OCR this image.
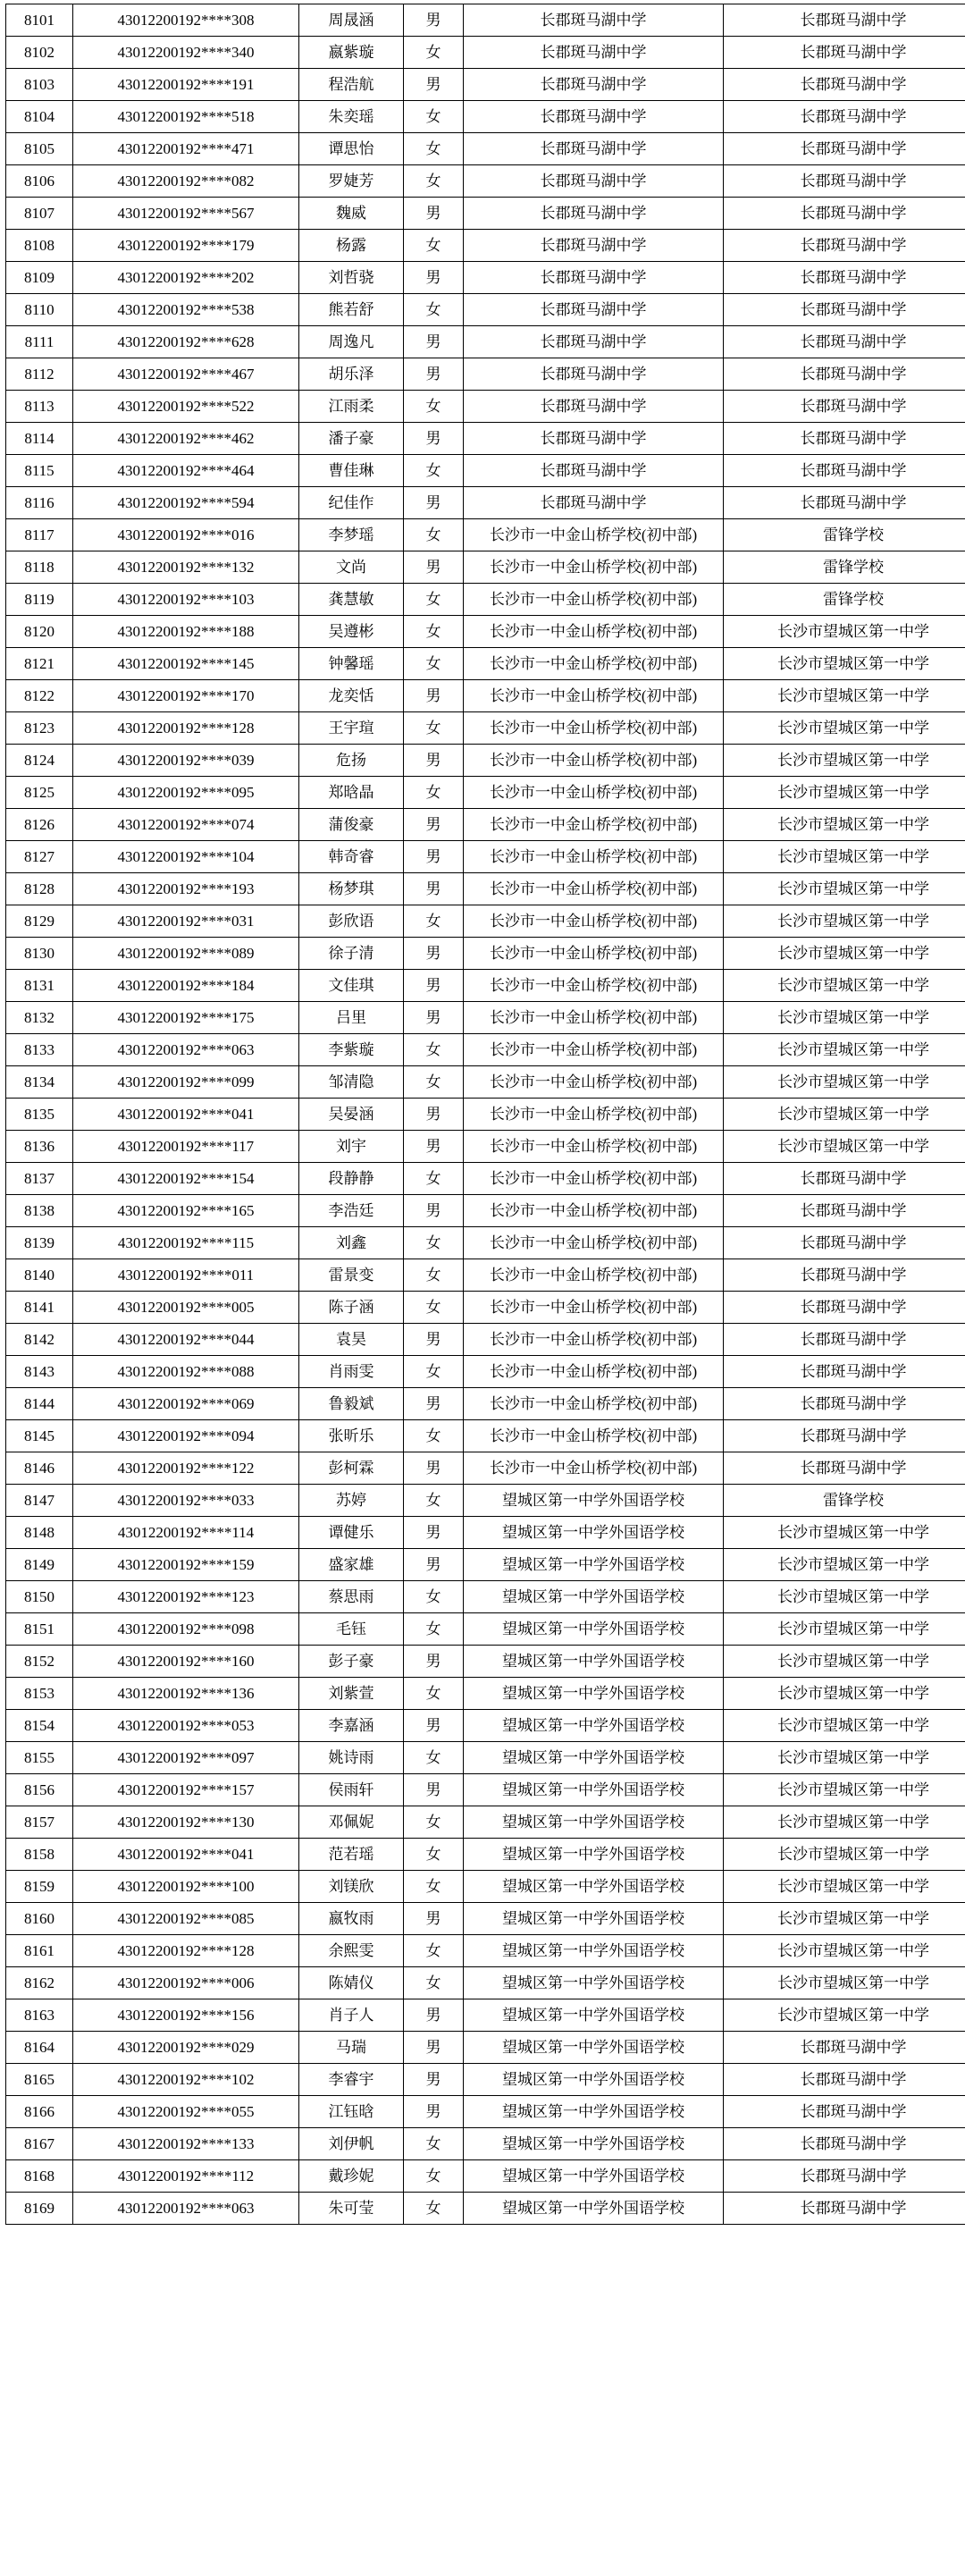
8101	43012200192****308	周晟涵	男	长郡斑马湖中学	长郡斑马湖中学
8102	43012200192****340	嬴紫璇	女	长郡斑马湖中学	长郡斑马湖中学
8103	43012200192****191	程浩航	男	长郡斑马湖中学	长郡斑马湖中学
8104	43012200192****518	朱奕瑶	女	长郡斑马湖中学	长郡斑马湖中学
8105	43012200192****471	谭思怡	女	长郡斑马湖中学	长郡斑马湖中学
8106	43012200192****082	罗婕芳	女	长郡斑马湖中学	长郡斑马湖中学
8107	43012200192****567	魏威	男	长郡斑马湖中学	长郡斑马湖中学
8108	43012200192****179	杨露	女	长郡斑马湖中学	长郡斑马湖中学
8109	43012200192****202	刘哲骁	男	长郡斑马湖中学	长郡斑马湖中学
8110	43012200192****538	熊若舒	女	长郡斑马湖中学	长郡斑马湖中学
8111	43012200192****628	周逸凡	男	长郡斑马湖中学	长郡斑马湖中学
8112	43012200192****467	胡乐泽	男	长郡斑马湖中学	长郡斑马湖中学
8113	43012200192****522	江雨柔	女	长郡斑马湖中学	长郡斑马湖中学
8114	43012200192****462	潘子豪	男	长郡斑马湖中学	长郡斑马湖中学
8115	43012200192****464	曹佳琳	女	长郡斑马湖中学	长郡斑马湖中学
8116	43012200192****594	纪佳作	男	长郡斑马湖中学	长郡斑马湖中学
8117	43012200192****016	李梦瑶	女	长沙市一中金山桥学校(初中部)	雷锋学校
8118	43012200192****132	文尚	男	长沙市一中金山桥学校(初中部)	雷锋学校
8119	43012200192****103	龚慧敏	女	长沙市一中金山桥学校(初中部)	雷锋学校
8120	43012200192****188	吴遵彬	女	长沙市一中金山桥学校(初中部)	长沙市望城区第一中学
8121	43012200192****145	钟馨瑶	女	长沙市一中金山桥学校(初中部)	长沙市望城区第一中学
8122	43012200192****170	龙奕恬	男	长沙市一中金山桥学校(初中部)	长沙市望城区第一中学
8123	43012200192****128	王宇瑄	女	长沙市一中金山桥学校(初中部)	长沙市望城区第一中学
8124	43012200192****039	危扬	男	长沙市一中金山桥学校(初中部)	长沙市望城区第一中学
8125	43012200192****095	郑晗晶	女	长沙市一中金山桥学校(初中部)	长沙市望城区第一中学
8126	43012200192****074	蒲俊豪	男	长沙市一中金山桥学校(初中部)	长沙市望城区第一中学
8127	43012200192****104	韩奇睿	男	长沙市一中金山桥学校(初中部)	长沙市望城区第一中学
8128	43012200192****193	杨梦琪	男	长沙市一中金山桥学校(初中部)	长沙市望城区第一中学
8129	43012200192****031	彭欣语	女	长沙市一中金山桥学校(初中部)	长沙市望城区第一中学
8130	43012200192****089	徐子清	男	长沙市一中金山桥学校(初中部)	长沙市望城区第一中学
8131	43012200192****184	文佳琪	男	长沙市一中金山桥学校(初中部)	长沙市望城区第一中学
8132	43012200192****175	吕里	男	长沙市一中金山桥学校(初中部)	长沙市望城区第一中学
8133	43012200192****063	李紫璇	女	长沙市一中金山桥学校(初中部)	长沙市望城区第一中学
8134	43012200192****099	邹清隐	女	长沙市一中金山桥学校(初中部)	长沙市望城区第一中学
8135	43012200192****041	吴晏涵	男	长沙市一中金山桥学校(初中部)	长沙市望城区第一中学
8136	43012200192****117	刘宇	男	长沙市一中金山桥学校(初中部)	长沙市望城区第一中学
8137	43012200192****154	段静静	女	长沙市一中金山桥学校(初中部)	长郡斑马湖中学
8138	43012200192****165	李浩廷	男	长沙市一中金山桥学校(初中部)	长郡斑马湖中学
8139	43012200192****115	刘鑫	女	长沙市一中金山桥学校(初中部)	长郡斑马湖中学
8140	43012200192****011	雷景变	女	长沙市一中金山桥学校(初中部)	长郡斑马湖中学
8141	43012200192****005	陈子涵	女	长沙市一中金山桥学校(初中部)	长郡斑马湖中学
8142	43012200192****044	袁昊	男	长沙市一中金山桥学校(初中部)	长郡斑马湖中学
8143	43012200192****088	肖雨雯	女	长沙市一中金山桥学校(初中部)	长郡斑马湖中学
8144	43012200192****069	鲁毅斌	男	长沙市一中金山桥学校(初中部)	长郡斑马湖中学
8145	43012200192****094	张昕乐	女	长沙市一中金山桥学校(初中部)	长郡斑马湖中学
8146	43012200192****122	彭柯霖	男	长沙市一中金山桥学校(初中部)	长郡斑马湖中学
8147	43012200192****033	苏婷	女	望城区第一中学外国语学校	雷锋学校
8148	43012200192****114	谭健乐	男	望城区第一中学外国语学校	长沙市望城区第一中学
8149	43012200192****159	盛家雄	男	望城区第一中学外国语学校	长沙市望城区第一中学
8150	43012200192****123	蔡思雨	女	望城区第一中学外国语学校	长沙市望城区第一中学
8151	43012200192****098	毛钰	女	望城区第一中学外国语学校	长沙市望城区第一中学
8152	43012200192****160	彭子豪	男	望城区第一中学外国语学校	长沙市望城区第一中学
8153	43012200192****136	刘紫萱	女	望城区第一中学外国语学校	长沙市望城区第一中学
8154	43012200192****053	李嘉涵	男	望城区第一中学外国语学校	长沙市望城区第一中学
8155	43012200192****097	姚诗雨	女	望城区第一中学外国语学校	长沙市望城区第一中学
8156	43012200192****157	侯雨轩	男	望城区第一中学外国语学校	长沙市望城区第一中学
8157	43012200192****130	邓佩妮	女	望城区第一中学外国语学校	长沙市望城区第一中学
8158	43012200192****041	范若瑶	女	望城区第一中学外国语学校	长沙市望城区第一中学
8159	43012200192****100	刘镁欣	女	望城区第一中学外国语学校	长沙市望城区第一中学
8160	43012200192****085	嬴牧雨	男	望城区第一中学外国语学校	长沙市望城区第一中学
8161	43012200192****128	余熙雯	女	望城区第一中学外国语学校	长沙市望城区第一中学
8162	43012200192****006	陈婧仪	女	望城区第一中学外国语学校	长沙市望城区第一中学
8163	43012200192****156	肖子人	男	望城区第一中学外国语学校	长沙市望城区第一中学
8164	43012200192****029	马瑞	男	望城区第一中学外国语学校	长郡斑马湖中学
8165	43012200192****102	李睿宇	男	望城区第一中学外国语学校	长郡斑马湖中学
8166	43012200192****055	江钰晗	男	望城区第一中学外国语学校	长郡斑马湖中学
8167	43012200192****133	刘伊帆	女	望城区第一中学外国语学校	长郡斑马湖中学
8168	43012200192****112	戴珍妮	女	望城区第一中学外国语学校	长郡斑马湖中学
8169	43012200192****063	朱可莹	女	望城区第一中学外国语学校	长郡斑马湖中学
